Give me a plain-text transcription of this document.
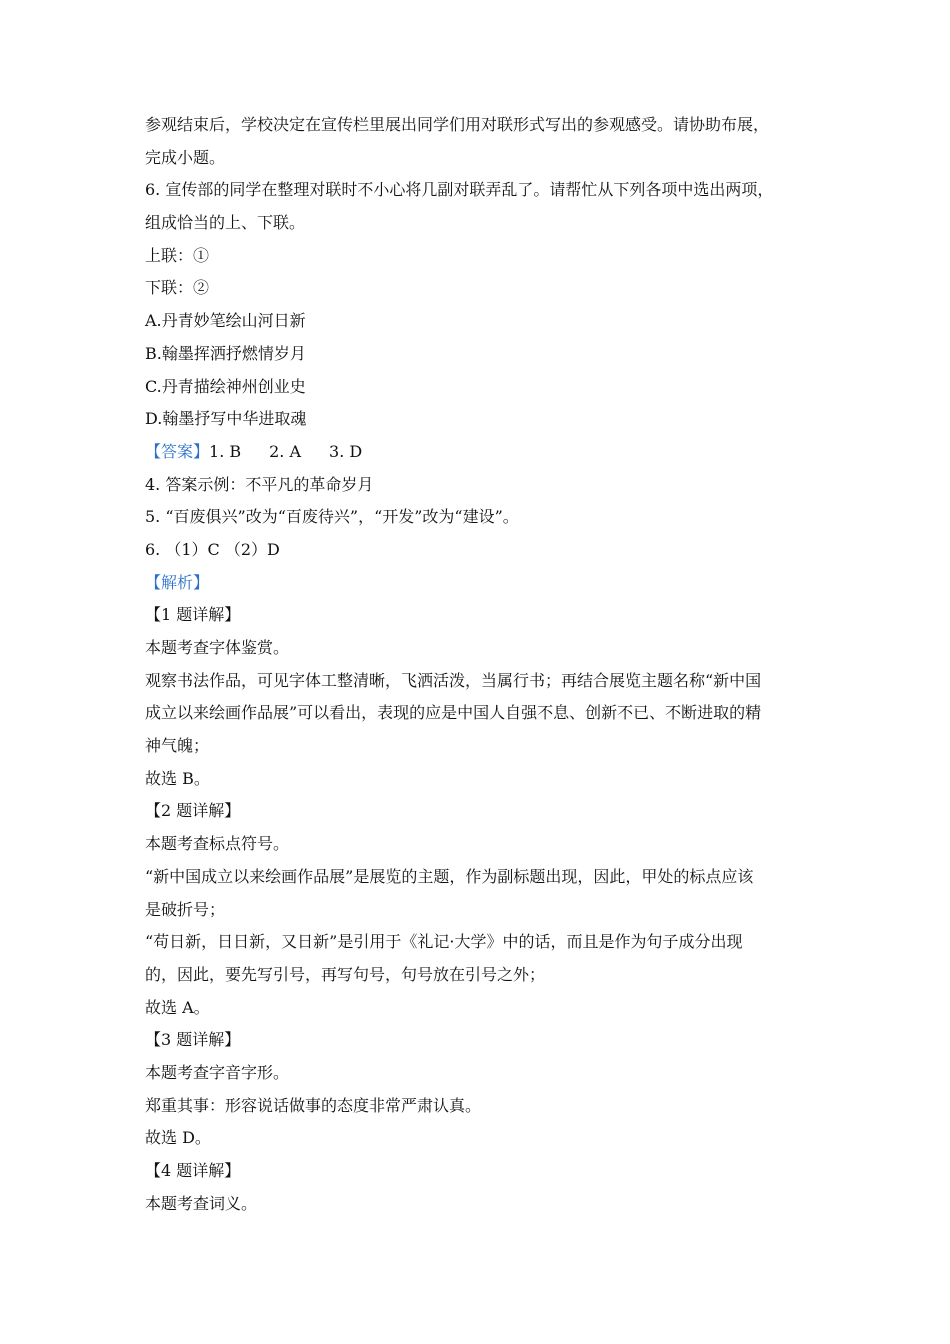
参观结束后，学校决定在宣传栏里展出同学们用对联形式写出的参观感受。请协助布展，
完成小题。
6. 宣传部的同学在整理对联时不小心将几副对联弄乱了。请帮忙从下列各项中选出两项，
组成恰当的上、下联。
上联：①
下联：②
A.丹青妙笔绘山河日新
B.翰墨挥洒抒燃情岁月
C.丹青描绘神州创业史
D.翰墨抒写中华进取魂
【答案】1. B 2. A 3. D
4. 答案示例：不平凡的革命岁月
5. “百废俱兴”改为“百废待兴”，“开发”改为“建设”。
6. （1）C （2）D
【解析】
【1 题详解】
本题考查字体鉴赏。
观察书法作品，可见字体工整清晰，飞洒活泼，当属行书；再结合展览主题名称“新中国
成立以来绘画作品展”可以看出，表现的应是中国人自强不息、创新不已、不断进取的精
神气魄；
故选 B。
【2 题详解】
本题考查标点符号。
“新中国成立以来绘画作品展”是展览的主题，作为副标题出现，因此，甲处的标点应该
是破折号；
“苟日新，日日新，又日新”是引用于《礼记·大学》中的话，而且是作为句子成分出现
的，因此，要先写引号，再写句号，句号放在引号之外；
故选 A。
【3 题详解】
本题考查字音字形。
郑重其事：形容说话做事的态度非常严肃认真。
故选 D。
【4 题详解】
本题考查词义。
